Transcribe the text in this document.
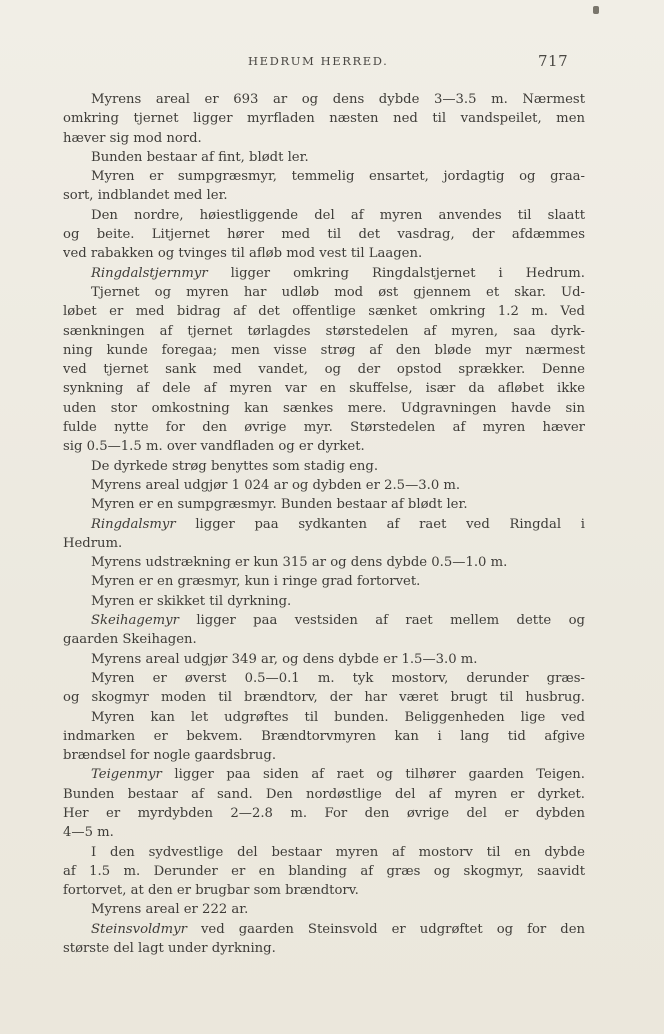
HEDRUM HERRED.	717
Myrens areal er 693 ar og dens dybde 3—3.5 m. Nærmest
omkring tjernet ligger myrfladen næsten ned til vandspeilet, men
hæver sig mod nord.
Bunden bestaar af fint, blødt ler.
Myren er sumpgræsmyr, temmelig ensartet, jordagtig og graa-
sort, indblandet med ler.
Den nordre, høiestliggende del af myren anvendes til slaatt
og beite. Litjernet hører med til det vasdrag, der afdæmmes
ved rabakken og tvinges til afløb mod vest til Laagen.
Ringdalstjernmyr ligger omkring Ringdalstjernet i Hedrum.
Tjernet og myren har udløb mod øst gjennem et skar. Ud-
løbet er med bidrag af det offentlige sænket omkring 1.2 m. Ved
sænkningen af tjernet tørlagdes størstedelen af myren, saa dyrk-
ning kunde foregaa; men visse strøg af den bløde myr nærmest
ved tjernet sank med vandet, og der opstod sprækker. Denne
synkning af dele af myren var en skuffelse, især da afløbet ikke
uden stor omkostning kan sænkes mere. Udgravningen havde sin
fulde nytte for den øvrige myr. Størstedelen af myren hæver
sig 0.5—1.5 m. over vandfladen og er dyrket.
De dyrkede strøg benyttes som stadig eng.
Myrens areal udgjør 1 024 ar og dybden er 2.5—3.0 m.
Myren er en sumpgræsmyr. Bunden bestaar af blødt ler.
Ringdalsmyr ligger paa sydkanten af raet ved Ringdal i
Hedrum.
Myrens udstrækning er kun 315 ar og dens dybde 0.5—1.0 m.
Myren er en græsmyr, kun i ringe grad fortorvet.
Myren er skikket til dyrkning.
Skeihagemyr ligger paa vestsiden af raet mellem dette og
gaarden Skeihagen.
Myrens areal udgjør 349 ar, og dens dybde er 1.5—3.0 m.
Myren er øverst 0.5—0.1 m. tyk mostorv, derunder græs-
og skogmyr moden til brændtorv, der har været brugt til husbrug.
Myren kan let udgrøftes til bunden. Beliggenheden lige ved
indmarken er bekvem. Brændtorvmyren kan i lang tid afgive
brændsel for nogle gaardsbrug.
Teigenmyr ligger paa siden af raet og tilhører gaarden Teigen.
Bunden bestaar af sand. Den nordøstlige del af myren er dyrket.
Her er myrdybden 2—2.8 m. For den øvrige del er dybden
4—5 m.
I den sydvestlige del bestaar myren af mostorv til en dybde
af 1.5 m. Derunder er en blanding af græs og skogmyr, saavidt
fortorvet, at den er brugbar som brændtorv.
Myrens areal er 222 ar.
Steinsvoldmyr ved gaarden Steinsvold er udgrøftet og for den
største del lagt under dyrkning.
